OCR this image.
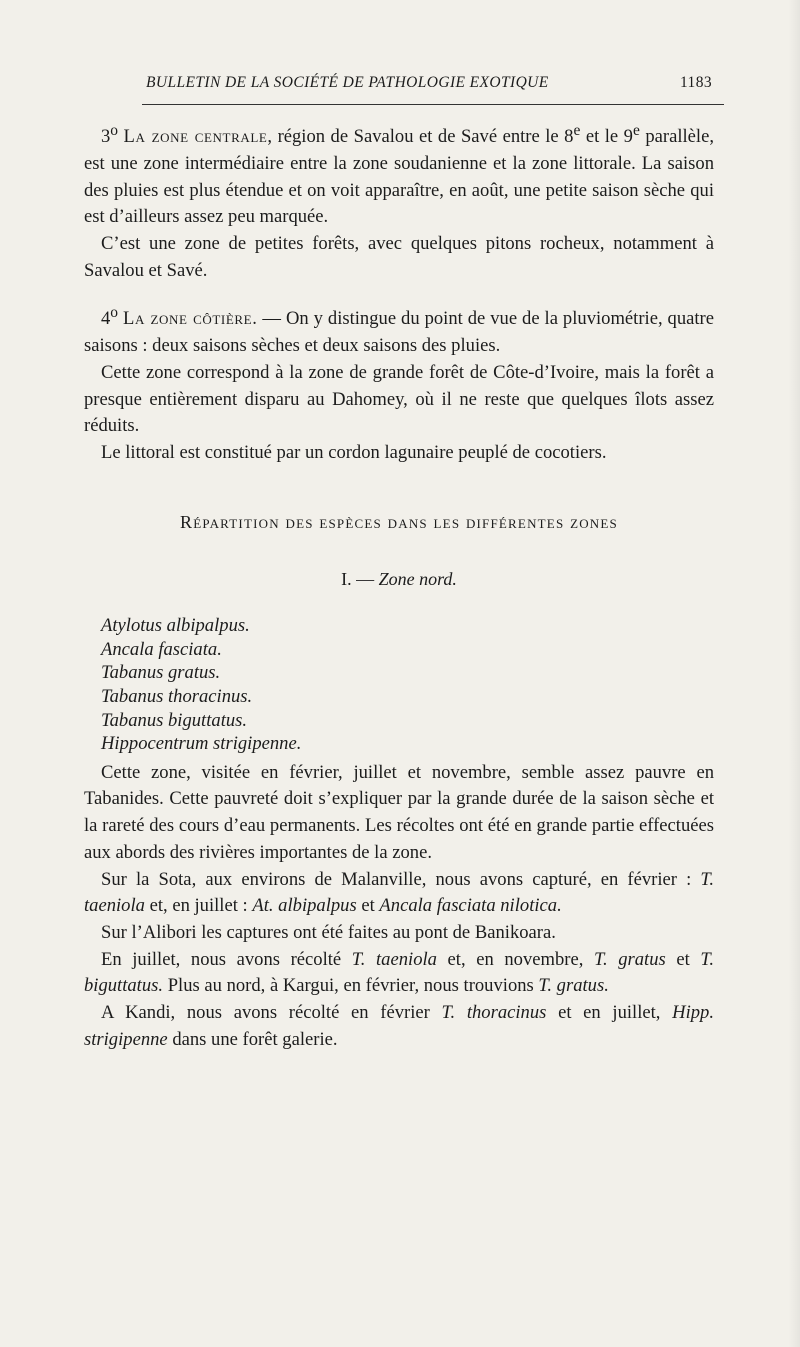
BULLETIN DE LA SOCIÉTÉ DE PATHOLOGIE EXOTIQUE	1183

3$^o$ La zone centrale, région de Savalou et de Savé entre le 8e et le 9e parallèle, est une zone intermédiaire entre la zone soudanienne et la zone littorale. La saison des pluies est plus étendue et on voit apparaître, en août, une petite saison sèche qui est d’ailleurs assez peu marquée.

C’est une zone de petites forêts, avec quelques pitons rocheux, notamment à Savalou et Savé.

4$^o$ La zone côtière. — On y distingue du point de vue de la pluviométrie, quatre saisons : deux saisons sèches et deux saisons des pluies.

Cette zone correspond à la zone de grande forêt de Côte-d’Ivoire, mais la forêt a presque entièrement disparu au Dahomey, où il ne reste que quelques îlots assez réduits.

Le littoral est constitué par un cordon lagunaire peuplé de cocotiers.

Répartition des espèces dans les différentes zones
I. — Zone nord.
Atylotus albipalpus.
Ancala fasciata.
Tabanus gratus.
Tabanus thoracinus.
Tabanus biguttatus.
Hippocentrum strigipenne.

Cette zone, visitée en février, juillet et novembre, semble assez pauvre en Tabanides. Cette pauvreté doit s’expliquer par la grande durée de la saison sèche et la rareté des cours d’eau permanents. Les récoltes ont été en grande partie effectuées aux abords des rivières importantes de la zone.

Sur la Sota, aux environs de Malanville, nous avons capturé, en février : T. taeniola et, en juillet : At. albipalpus et Ancala fasciata nilotica.

Sur l’Alibori les captures ont été faites au pont de Banikoara.

En juillet, nous avons récolté T. taeniola et, en novembre, T. gratus et T. biguttatus. Plus au nord, à Kargui, en février, nous trouvions T. gratus.

A Kandi, nous avons récolté en février T. thoracinus et en juillet, Hipp. strigipenne dans une forêt galerie.
